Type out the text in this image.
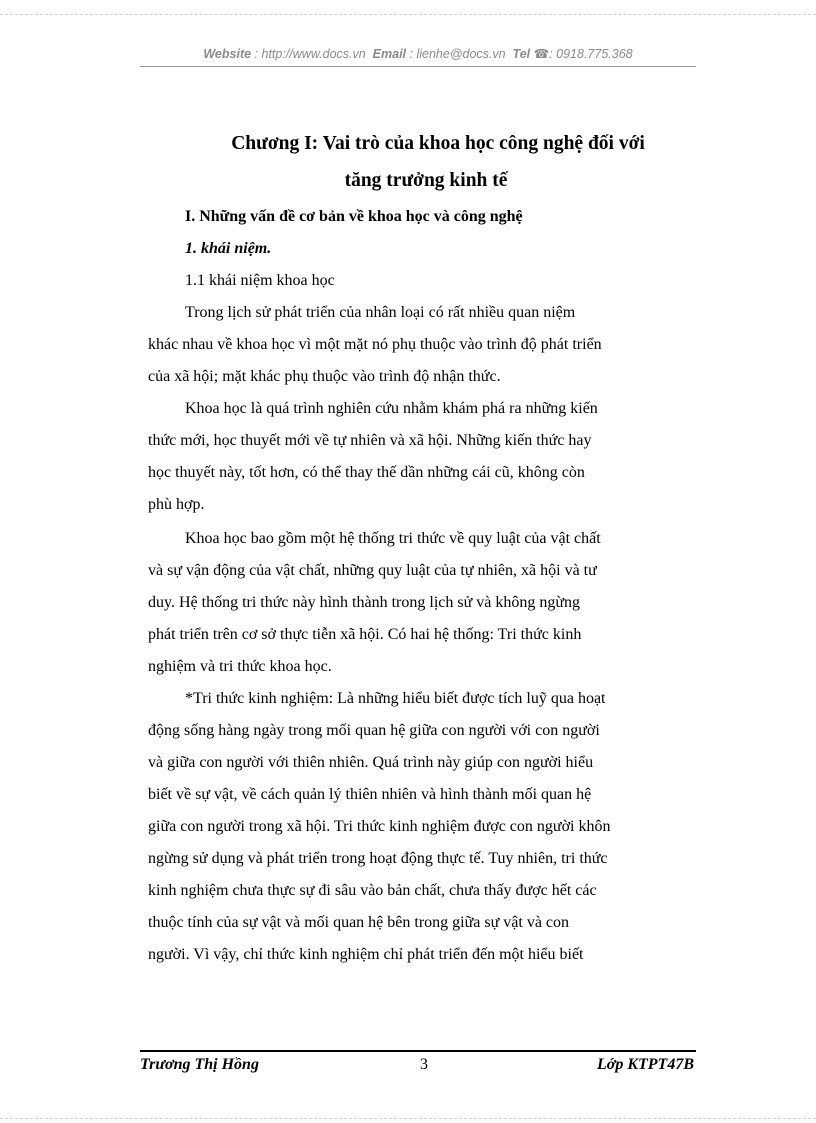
Website : http://www.docs.vn Email : lienhe@docs.vn Tel ☎: 0918.775.368
Chương I: Vai trò của khoa học công nghệ đối với
tăng trưởng kinh tế
I. Những vấn đề cơ bản về khoa học và công nghệ
1. khái niệm.
1.1 khái niệm khoa học
Trong lịch sử phát triển của nhân loại có rất nhiều quan niệm
khác nhau về khoa học vì một mặt nó phụ thuộc vào trình độ phát triển
của xã hội; mặt khác phụ thuộc vào trình độ nhận thức.
Khoa học là quá trình nghiên cứu nhằm khám phá ra những kiến
thức mới, học thuyết mới về tự nhiên và xã hội. Những kiến thức hay
học thuyết này, tốt hơn, có thể thay thế dần những cái cũ, không còn
phù hợp.
Khoa học bao gồm một hệ thống tri thức về quy luật của vật chất
và sự vận động của vật chất, những quy luật của tự nhiên, xã hội và tư
duy. Hệ thống tri thức này hình thành trong lịch sử và không ngừng
phát triển trên cơ sở thực tiễn xã hội. Có hai hệ thống: Tri thức kinh
nghiệm và tri thức khoa học.
*Tri thức kinh nghiệm: Là những hiểu biết được tích luỹ qua hoạt
động sống hàng ngày trong mối quan hệ giữa con người với con người
và giữa con người với thiên nhiên. Quá trình này giúp con người hiểu
biết về sự vật, về cách quản lý thiên nhiên và hình thành mối quan hệ
giữa con người trong xã hội. Tri thức kinh nghiệm được con người khôn
ngừng sử dụng và phát triển trong hoạt động thực tế. Tuy nhiên, tri thức
kinh nghiệm chưa thực sự đi sâu vào bản chất, chưa thấy được hết các
thuộc tính của sự vật và mối quan hệ bên trong giữa sự vật và con
người. Vì vậy, chỉ thức kinh nghiệm chỉ phát triển đến một hiểu biết
Trương Thị Hồng	3	Lớp KTPT47B
